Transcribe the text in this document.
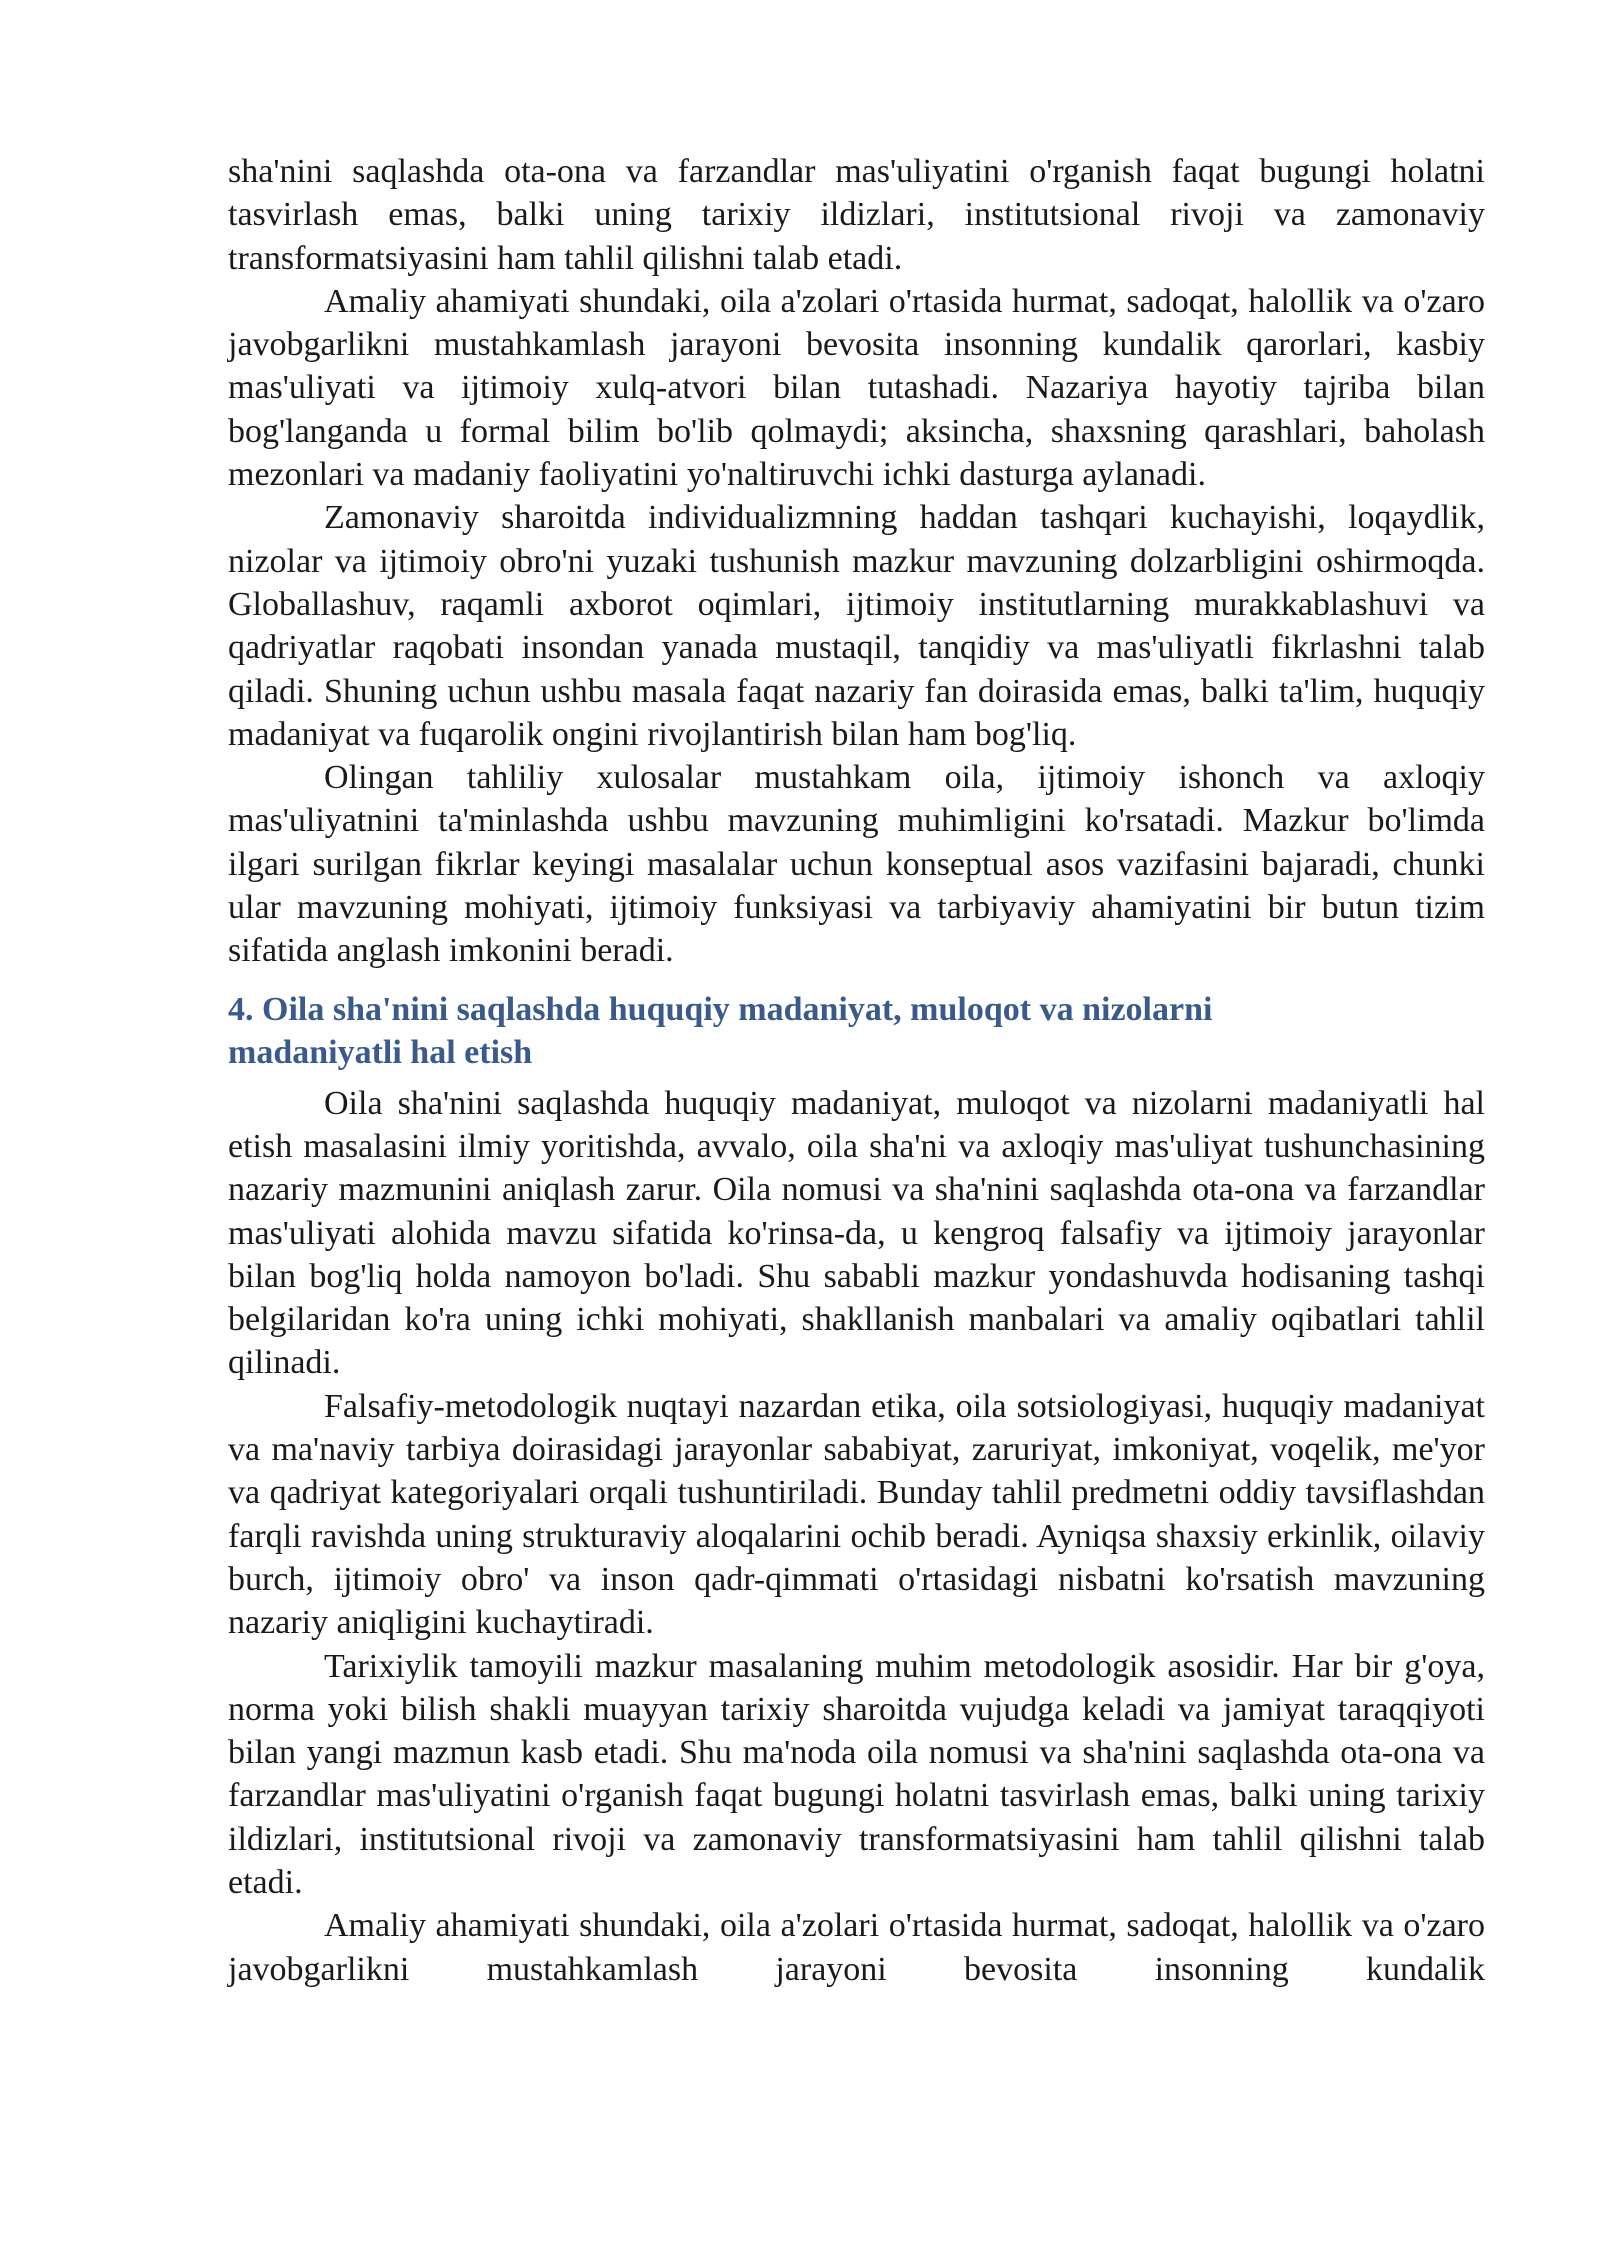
sha'nini saqlashda ota-ona va farzandlar mas'uliyatini o'rganish faqat bugungi holatni tasvirlash emas, balki uning tarixiy ildizlari, institutsional rivoji va zamonaviy transformatsiyasini ham tahlil qilishni talab etadi.

Amaliy ahamiyati shundaki, oila a'zolari o'rtasida hurmat, sadoqat, halollik va o'zaro javobgarlikni mustahkamlash jarayoni bevosita insonning kundalik qarorlari, kasbiy mas'uliyati va ijtimoiy xulq-atvori bilan tutashadi. Nazariya hayotiy tajriba bilan bog'langanda u formal bilim bo'lib qolmaydi; aksincha, shaxsning qarashlari, baholash mezonlari va madaniy faoliyatini yo'naltiruvchi ichki dasturga aylanadi.

Zamonaviy sharoitda individualizmning haddan tashqari kuchayishi, loqaydlik, nizolar va ijtimoiy obro'ni yuzaki tushunish mazkur mavzuning dolzarbligini oshirmoqda. Globallashuv, raqamli axborot oqimlari, ijtimoiy institutlarning murakkablashuvi va qadriyatlar raqobati insondan yanada mustaqil, tanqidiy va mas'uliyatli fikrlashni talab qiladi. Shuning uchun ushbu masala faqat nazariy fan doirasida emas, balki ta'lim, huquqiy madaniyat va fuqarolik ongini rivojlantirish bilan ham bog'liq.

Olingan tahliliy xulosalar mustahkam oila, ijtimoiy ishonch va axloqiy mas'uliyatnini ta'minlashda ushbu mavzuning muhimligini ko'rsatadi. Mazkur bo'limda ilgari surilgan fikrlar keyingi masalalar uchun konseptual asos vazifasini bajaradi, chunki ular mavzuning mohiyati, ijtimoiy funksiyasi va tarbiyaviy ahamiyatini bir butun tizim sifatida anglash imkonini beradi.

4. Oila sha'nini saqlashda huquqiy madaniyat, muloqot va nizolarni madaniyatli hal etish

Oila sha'nini saqlashda huquqiy madaniyat, muloqot va nizolarni madaniyatli hal etish masalasini ilmiy yoritishda, avvalo, oila sha'ni va axloqiy mas'uliyat tushunchasining nazariy mazmunini aniqlash zarur. Oila nomusi va sha'nini saqlashda ota-ona va farzandlar mas'uliyati alohida mavzu sifatida ko'rinsa-da, u kengroq falsafiy va ijtimoiy jarayonlar bilan bog'liq holda namoyon bo'ladi. Shu sababli mazkur yondashuvda hodisaning tashqi belgilaridan ko'ra uning ichki mohiyati, shakllanish manbalari va amaliy oqibatlari tahlil qilinadi.

Falsafiy-metodologik nuqtayi nazardan etika, oila sotsiologiyasi, huquqiy madaniyat va ma'naviy tarbiya doirasidagi jarayonlar sababiyat, zaruriyat, imkoniyat, voqelik, me'yor va qadriyat kategoriyalari orqali tushuntiriladi. Bunday tahlil predmetni oddiy tavsiflashdan farqli ravishda uning strukturaviy aloqalarini ochib beradi. Ayniqsa shaxsiy erkinlik, oilaviy burch, ijtimoiy obro' va inson qadr-qimmati o'rtasidagi nisbatni ko'rsatish mavzuning nazariy aniqligini kuchaytiradi.

Tarixiylik tamoyili mazkur masalaning muhim metodologik asosidir. Har bir g'oya, norma yoki bilish shakli muayyan tarixiy sharoitda vujudga keladi va jamiyat taraqqiyoti bilan yangi mazmun kasb etadi. Shu ma'noda oila nomusi va sha'nini saqlashda ota-ona va farzandlar mas'uliyatini o'rganish faqat bugungi holatni tasvirlash emas, balki uning tarixiy ildizlari, institutsional rivoji va zamonaviy transformatsiyasini ham tahlil qilishni talab etadi.

Amaliy ahamiyati shundaki, oila a'zolari o'rtasida hurmat, sadoqat, halollik va o'zaro javobgarlikni mustahkamlash jarayoni bevosita insonning kundalik
